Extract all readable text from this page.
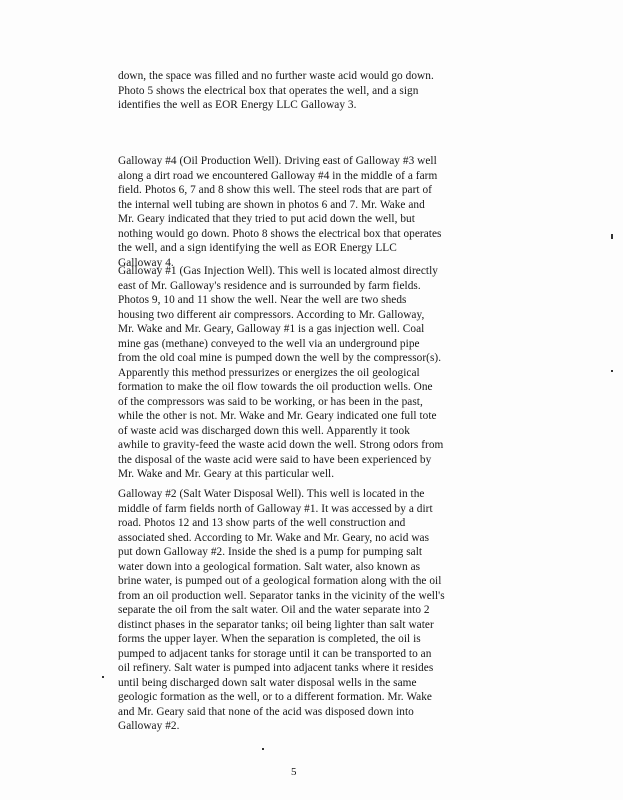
down, the space was filled and no further waste acid would go down.
Photo 5 shows the electrical box that operates the well, and a sign
identifies the well as EOR Energy LLC Galloway 3.

Galloway #4 (Oil Production Well). Driving east of Galloway #3 well
along a dirt road we encountered Galloway #4 in the middle of a farm
field. Photos 6, 7 and 8 show this well. The steel rods that are part of
the internal well tubing are shown in photos 6 and 7. Mr. Wake and
Mr. Geary indicated that they tried to put acid down the well, but
nothing would go down. Photo 8 shows the electrical box that operates
the well, and a sign identifying the well as EOR Energy LLC
Galloway 4.

Galloway #1 (Gas Injection Well). This well is located almost directly
east of Mr. Galloway's residence and is surrounded by farm fields.
Photos 9, 10 and 11 show the well. Near the well are two sheds
housing two different air compressors. According to Mr. Galloway,
Mr. Wake and Mr. Geary, Galloway #1 is a gas injection well. Coal
mine gas (methane) conveyed to the well via an underground pipe
from the old coal mine is pumped down the well by the compressor(s).
Apparently this method pressurizes or energizes the oil geological
formation to make the oil flow towards the oil production wells. One
of the compressors was said to be working, or has been in the past,
while the other is not. Mr. Wake and Mr. Geary indicated one full tote
of waste acid was discharged down this well. Apparently it took
awhile to gravity-feed the waste acid down the well. Strong odors from
the disposal of the waste acid were said to have been experienced by
Mr. Wake and Mr. Geary at this particular well.

Galloway #2 (Salt Water Disposal Well). This well is located in the
middle of farm fields north of Galloway #1. It was accessed by a dirt
road. Photos 12 and 13 show parts of the well construction and
associated shed. According to Mr. Wake and Mr. Geary, no acid was
put down Galloway #2. Inside the shed is a pump for pumping salt
water down into a geological formation. Salt water, also known as
brine water, is pumped out of a geological formation along with the oil
from an oil production well. Separator tanks in the vicinity of the well's
separate the oil from the salt water. Oil and the water separate into 2
distinct phases in the separator tanks; oil being lighter than salt water
forms the upper layer. When the separation is completed, the oil is
pumped to adjacent tanks for storage until it can be transported to an
oil refinery. Salt water is pumped into adjacent tanks where it resides
until being discharged down salt water disposal wells in the same
geologic formation as the well, or to a different formation. Mr. Wake
and Mr. Geary said that none of the acid was disposed down into
Galloway #2.

5
